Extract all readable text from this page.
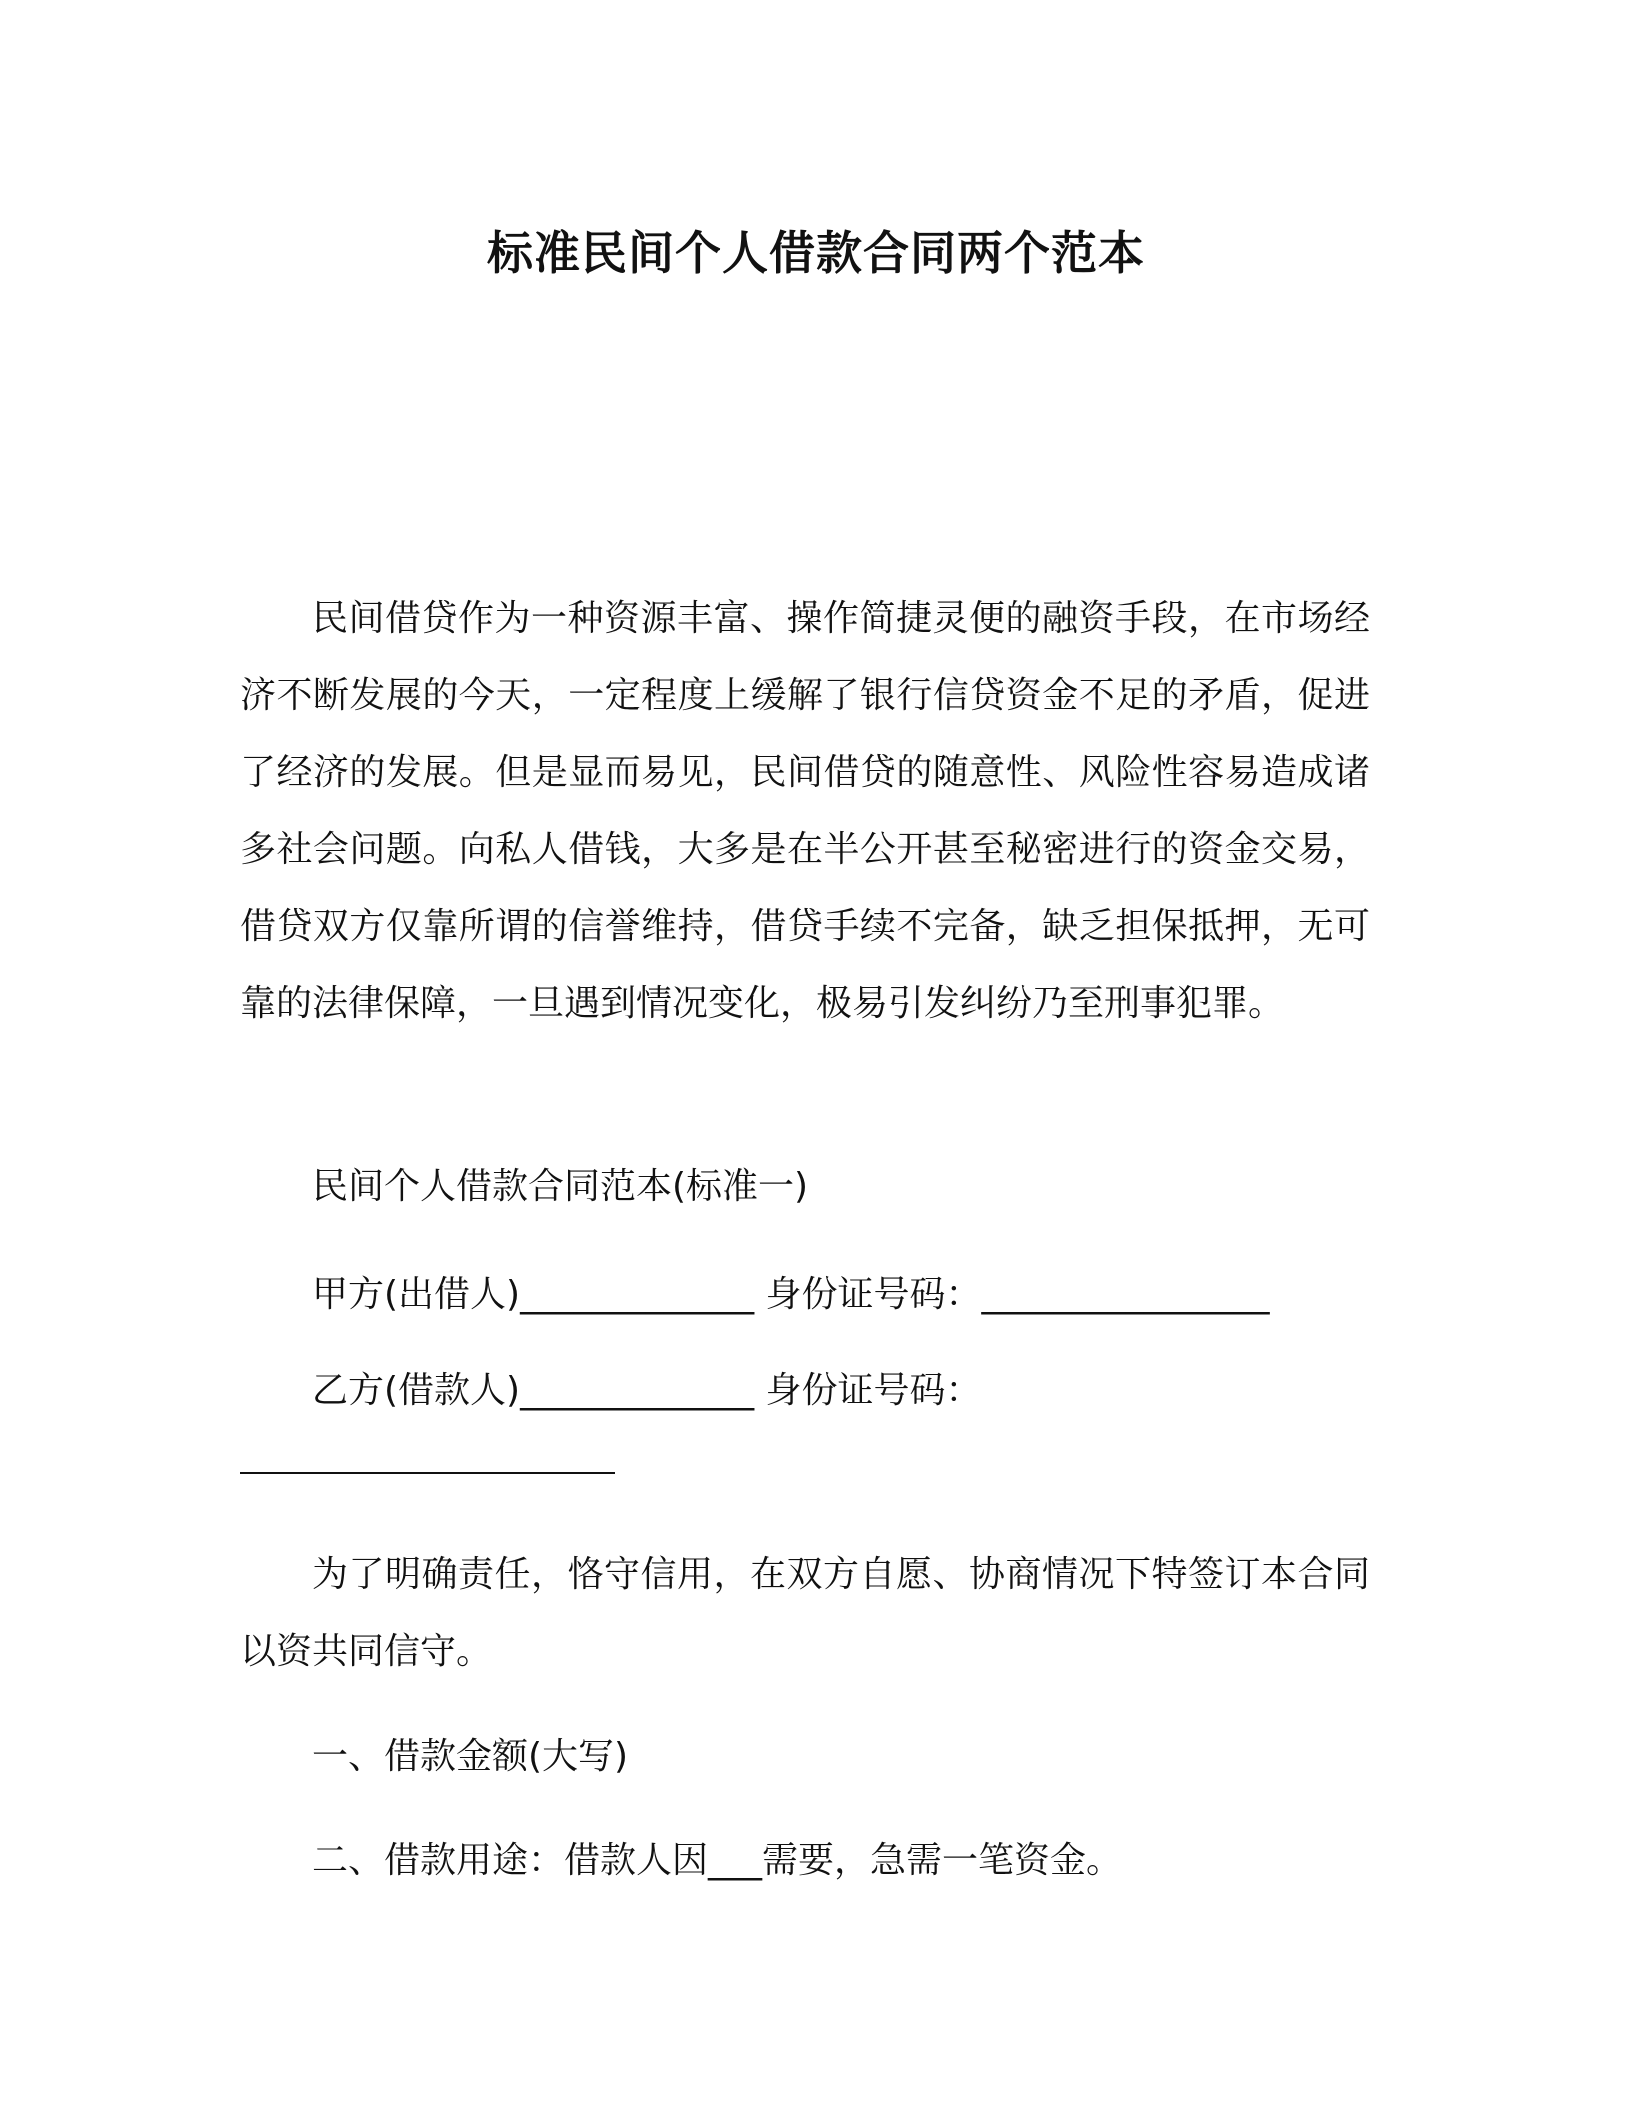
标准民间个人借款合同两个范本

民间借贷作为一种资源丰富、操作简捷灵便的融资手段，在市场经济不断发展的今天，一定程度上缓解了银行信贷资金不足的矛盾，促进了经济的发展。但是显而易见，民间借贷的随意性、风险性容易造成诸多社会问题。向私人借钱，大多是在半公开甚至秘密进行的资金交易，借贷双方仅靠所谓的信誉维持，借贷手续不完备，缺乏担保抵押，无可靠的法律保障，一旦遇到情况变化，极易引发纠纷乃至刑事犯罪。

民间个人借款合同范本(标准一)

甲方(出借人)_____________ 身份证号码：________________

乙方(借款人)_____________ 身份证号码：

为了明确责任，恪守信用，在双方自愿、协商情况下特签订本合同以资共同信守。

一、借款金额(大写)

二、借款用途：借款人因___需要，急需一笔资金。
